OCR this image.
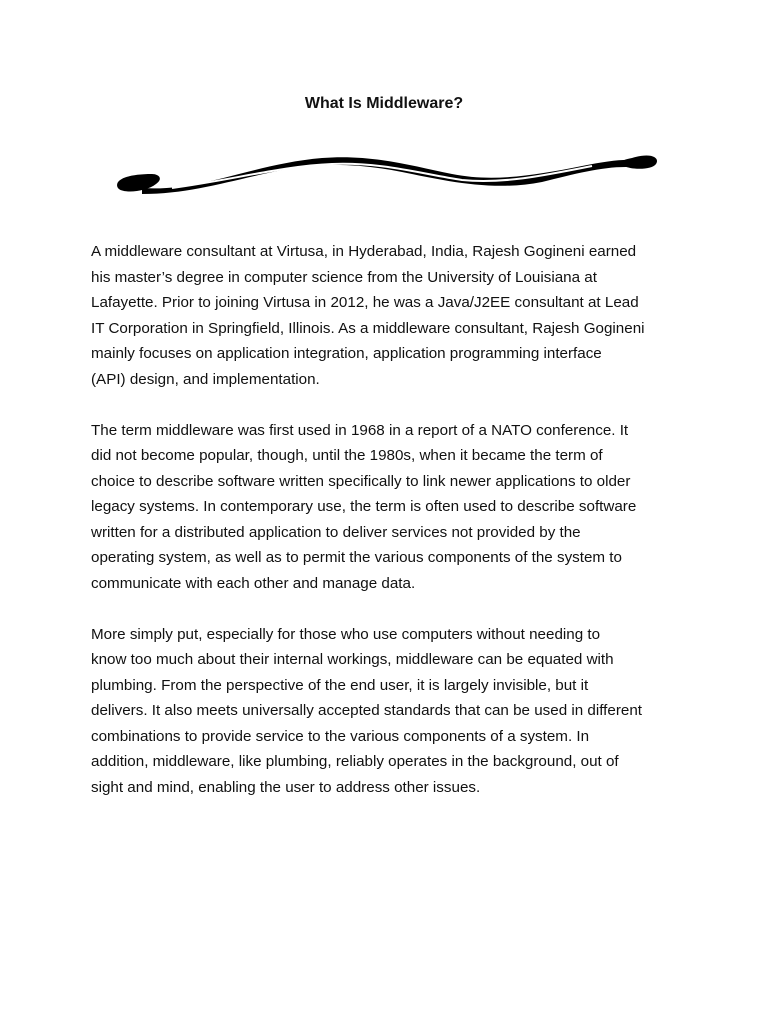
What Is Middleware?

A middleware consultant at Virtusa, in Hyderabad, India, Rajesh Gogineni earned
his master’s degree in computer science from the University of Louisiana at
Lafayette. Prior to joining Virtusa in 2012, he was a Java/J2EE consultant at Lead
IT Corporation in Springfield, Illinois. As a middleware consultant, Rajesh Gogineni
mainly focuses on application integration, application programming interface
(API) design, and implementation.

The term middleware was first used in 1968 in a report of a NATO conference. It
did not become popular, though, until the 1980s, when it became the term of
choice to describe software written specifically to link newer applications to older
legacy systems. In contemporary use, the term is often used to describe software
written for a distributed application to deliver services not provided by the
operating system, as well as to permit the various components of the system to
communicate with each other and manage data.

More simply put, especially for those who use computers without needing to
know too much about their internal workings, middleware can be equated with
plumbing. From the perspective of the end user, it is largely invisible, but it
delivers. It also meets universally accepted standards that can be used in different
combinations to provide service to the various components of a system. In
addition, middleware, like plumbing, reliably operates in the background, out of
sight and mind, enabling the user to address other issues.
